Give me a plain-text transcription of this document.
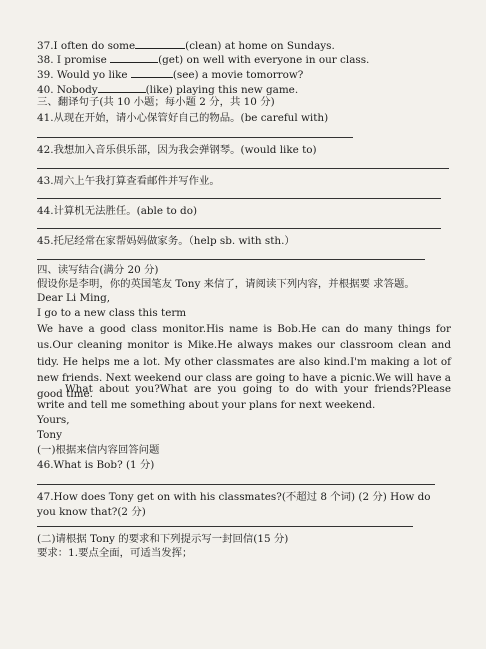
37.I often do some	(clean) at home on Sundays.
38. I promise	(get) on well with everyone in our class.
39. Would yo like	(see) a movie tomorrow?
40. Nobody	(like) playing this new game.
三、翻译句子(共 10 小题；每小题 2 分，共 10 分)
41.从现在开始，请小心保管好自己的物品。(be careful with)
42.我想加入音乐俱乐部，因为我会弹钢琴。(would like to)
43.周六上午我打算查看邮件并写作业。
44.计算机无法胜任。(able to do)
45.托尼经常在家帮妈妈做家务。（help sb. with sth.）
四、读写结合(满分 20 分)
假设你是李明，你的英国笔友 Tony 来信了，请阅读下列内容，并根据要 求答题。
Dear Li Ming,
I go to a new class this term
We have a good class monitor.His name is Bob.He can do many things for us.Our cleaning monitor is Mike.He always makes our classroom clean and tidy. He helps me a lot. My other classmates are also kind.I'm making a lot of new friends. Next weekend our class are going to have a picnic.We will have a good time.
What about you?What are you going to do with your friends?Please write and tell me something about your plans for next weekend.
Yours,
Tony
(一)根据来信内容回答问题
46.What is Bob? (1 分)
47.How does Tony get on with his classmates?(不超过 8 个词) (2 分) How do you know that?(2 分)
(二)请根据 Tony 的要求和下列提示写一封回信(15 分)
要求：1.要点全面，可适当发挥；
